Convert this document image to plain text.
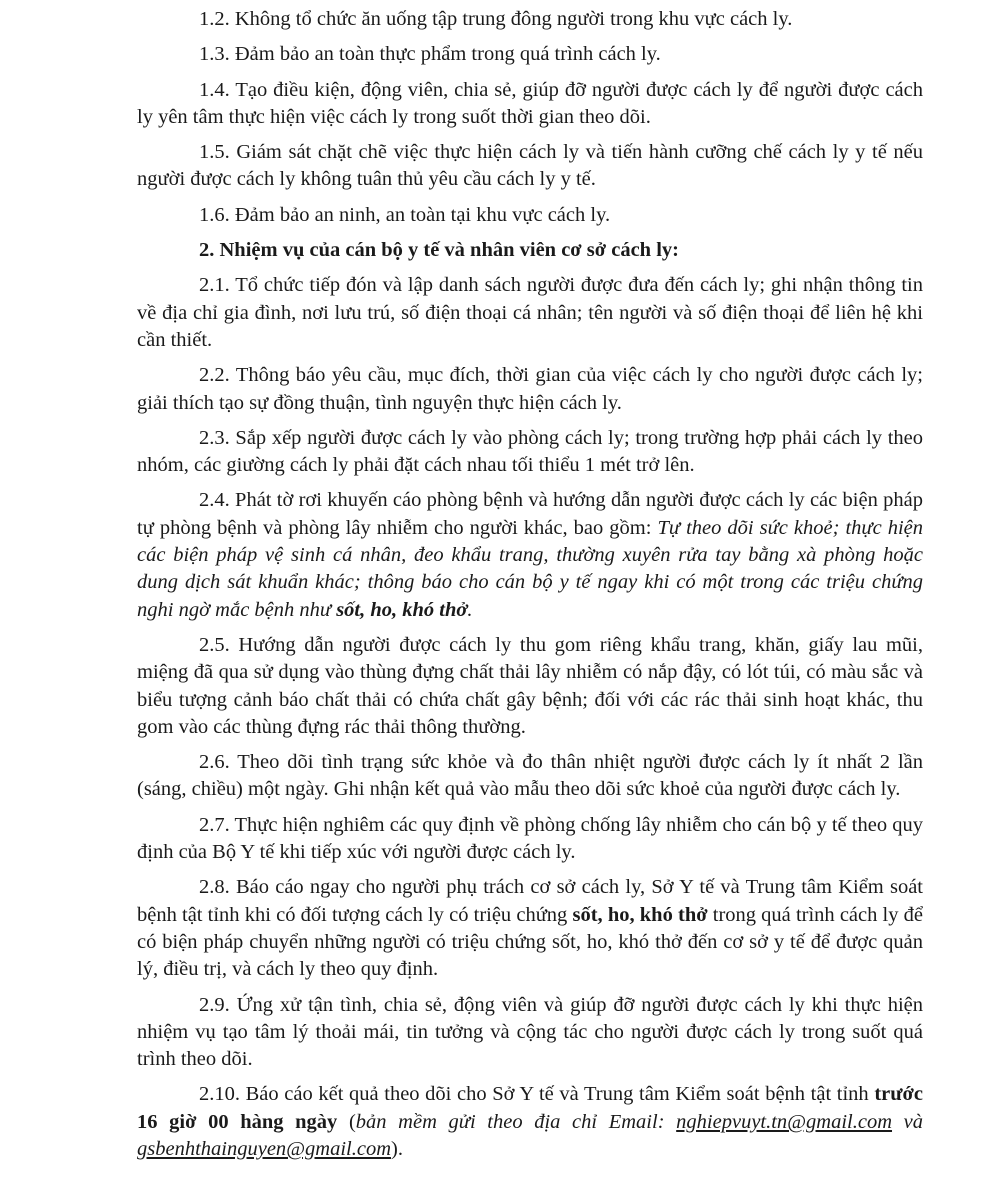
1.2. Không tổ chức ăn uống tập trung đông người trong khu vực cách ly.

1.3. Đảm bảo an toàn thực phẩm trong quá trình cách ly.

1.4. Tạo điều kiện, động viên, chia sẻ, giúp đỡ người được cách ly để người được cách ly yên tâm thực hiện việc cách ly trong suốt thời gian theo dõi.

1.5. Giám sát chặt chẽ việc thực hiện cách ly và tiến hành cưỡng chế cách ly y tế nếu người được cách ly không tuân thủ yêu cầu cách ly y tế.

1.6. Đảm bảo an ninh, an toàn tại khu vực cách ly.

2. Nhiệm vụ của cán bộ y tế và nhân viên cơ sở cách ly:

2.1. Tổ chức tiếp đón và lập danh sách người được đưa đến cách ly; ghi nhận thông tin về địa chỉ gia đình, nơi lưu trú, số điện thoại cá nhân; tên người và số điện thoại để liên hệ khi cần thiết.

2.2. Thông báo yêu cầu, mục đích, thời gian của việc cách ly cho người được cách ly; giải thích tạo sự đồng thuận, tình nguyện thực hiện cách ly.

2.3. Sắp xếp người được cách ly vào phòng cách ly; trong trường hợp phải cách ly theo nhóm, các giường cách ly phải đặt cách nhau tối thiểu 1 mét trở lên.

2.4. Phát tờ rơi khuyến cáo phòng bệnh và hướng dẫn người được cách ly các biện pháp tự phòng bệnh và phòng lây nhiễm cho người khác, bao gồm: Tự theo dõi sức khoẻ; thực hiện các biện pháp vệ sinh cá nhân, đeo khẩu trang, thường xuyên rửa tay bằng xà phòng hoặc dung dịch sát khuẩn khác; thông báo cho cán bộ y tế ngay khi có một trong các triệu chứng nghi ngờ mắc bệnh như sốt, ho, khó thở.

2.5. Hướng dẫn người được cách ly thu gom riêng khẩu trang, khăn, giấy lau mũi, miệng đã qua sử dụng vào thùng đựng chất thải lây nhiễm có nắp đậy, có lót túi, có màu sắc và biểu tượng cảnh báo chất thải có chứa chất gây bệnh; đối với các rác thải sinh hoạt khác, thu gom vào các thùng đựng rác thải thông thường.

2.6. Theo dõi tình trạng sức khỏe và đo thân nhiệt người được cách ly ít nhất 2 lần (sáng, chiều) một ngày. Ghi nhận kết quả vào mẫu theo dõi sức khoẻ của người được cách ly.

2.7. Thực hiện nghiêm các quy định về phòng chống lây nhiễm cho cán bộ y tế theo quy định của Bộ Y tế khi tiếp xúc với người được cách ly.

2.8. Báo cáo ngay cho người phụ trách cơ sở cách ly, Sở Y tế và Trung tâm Kiểm soát bệnh tật tỉnh khi có đối tượng cách ly có triệu chứng sốt, ho, khó thở trong quá trình cách ly để có biện pháp chuyển những người có triệu chứng sốt, ho, khó thở đến cơ sở y tế để được quản lý, điều trị, và cách ly theo quy định.

2.9. Ứng xử tận tình, chia sẻ, động viên và giúp đỡ người được cách ly khi thực hiện nhiệm vụ tạo tâm lý thoải mái, tin tưởng và cộng tác cho người được cách ly trong suốt quá trình theo dõi.

2.10. Báo cáo kết quả theo dõi cho Sở Y tế và Trung tâm Kiểm soát bệnh tật tỉnh trước 16 giờ 00 hàng ngày (bản mềm gửi theo địa chỉ Email: nghiepvuyt.tn@gmail.com và gsbenhthainguyen@gmail.com).
